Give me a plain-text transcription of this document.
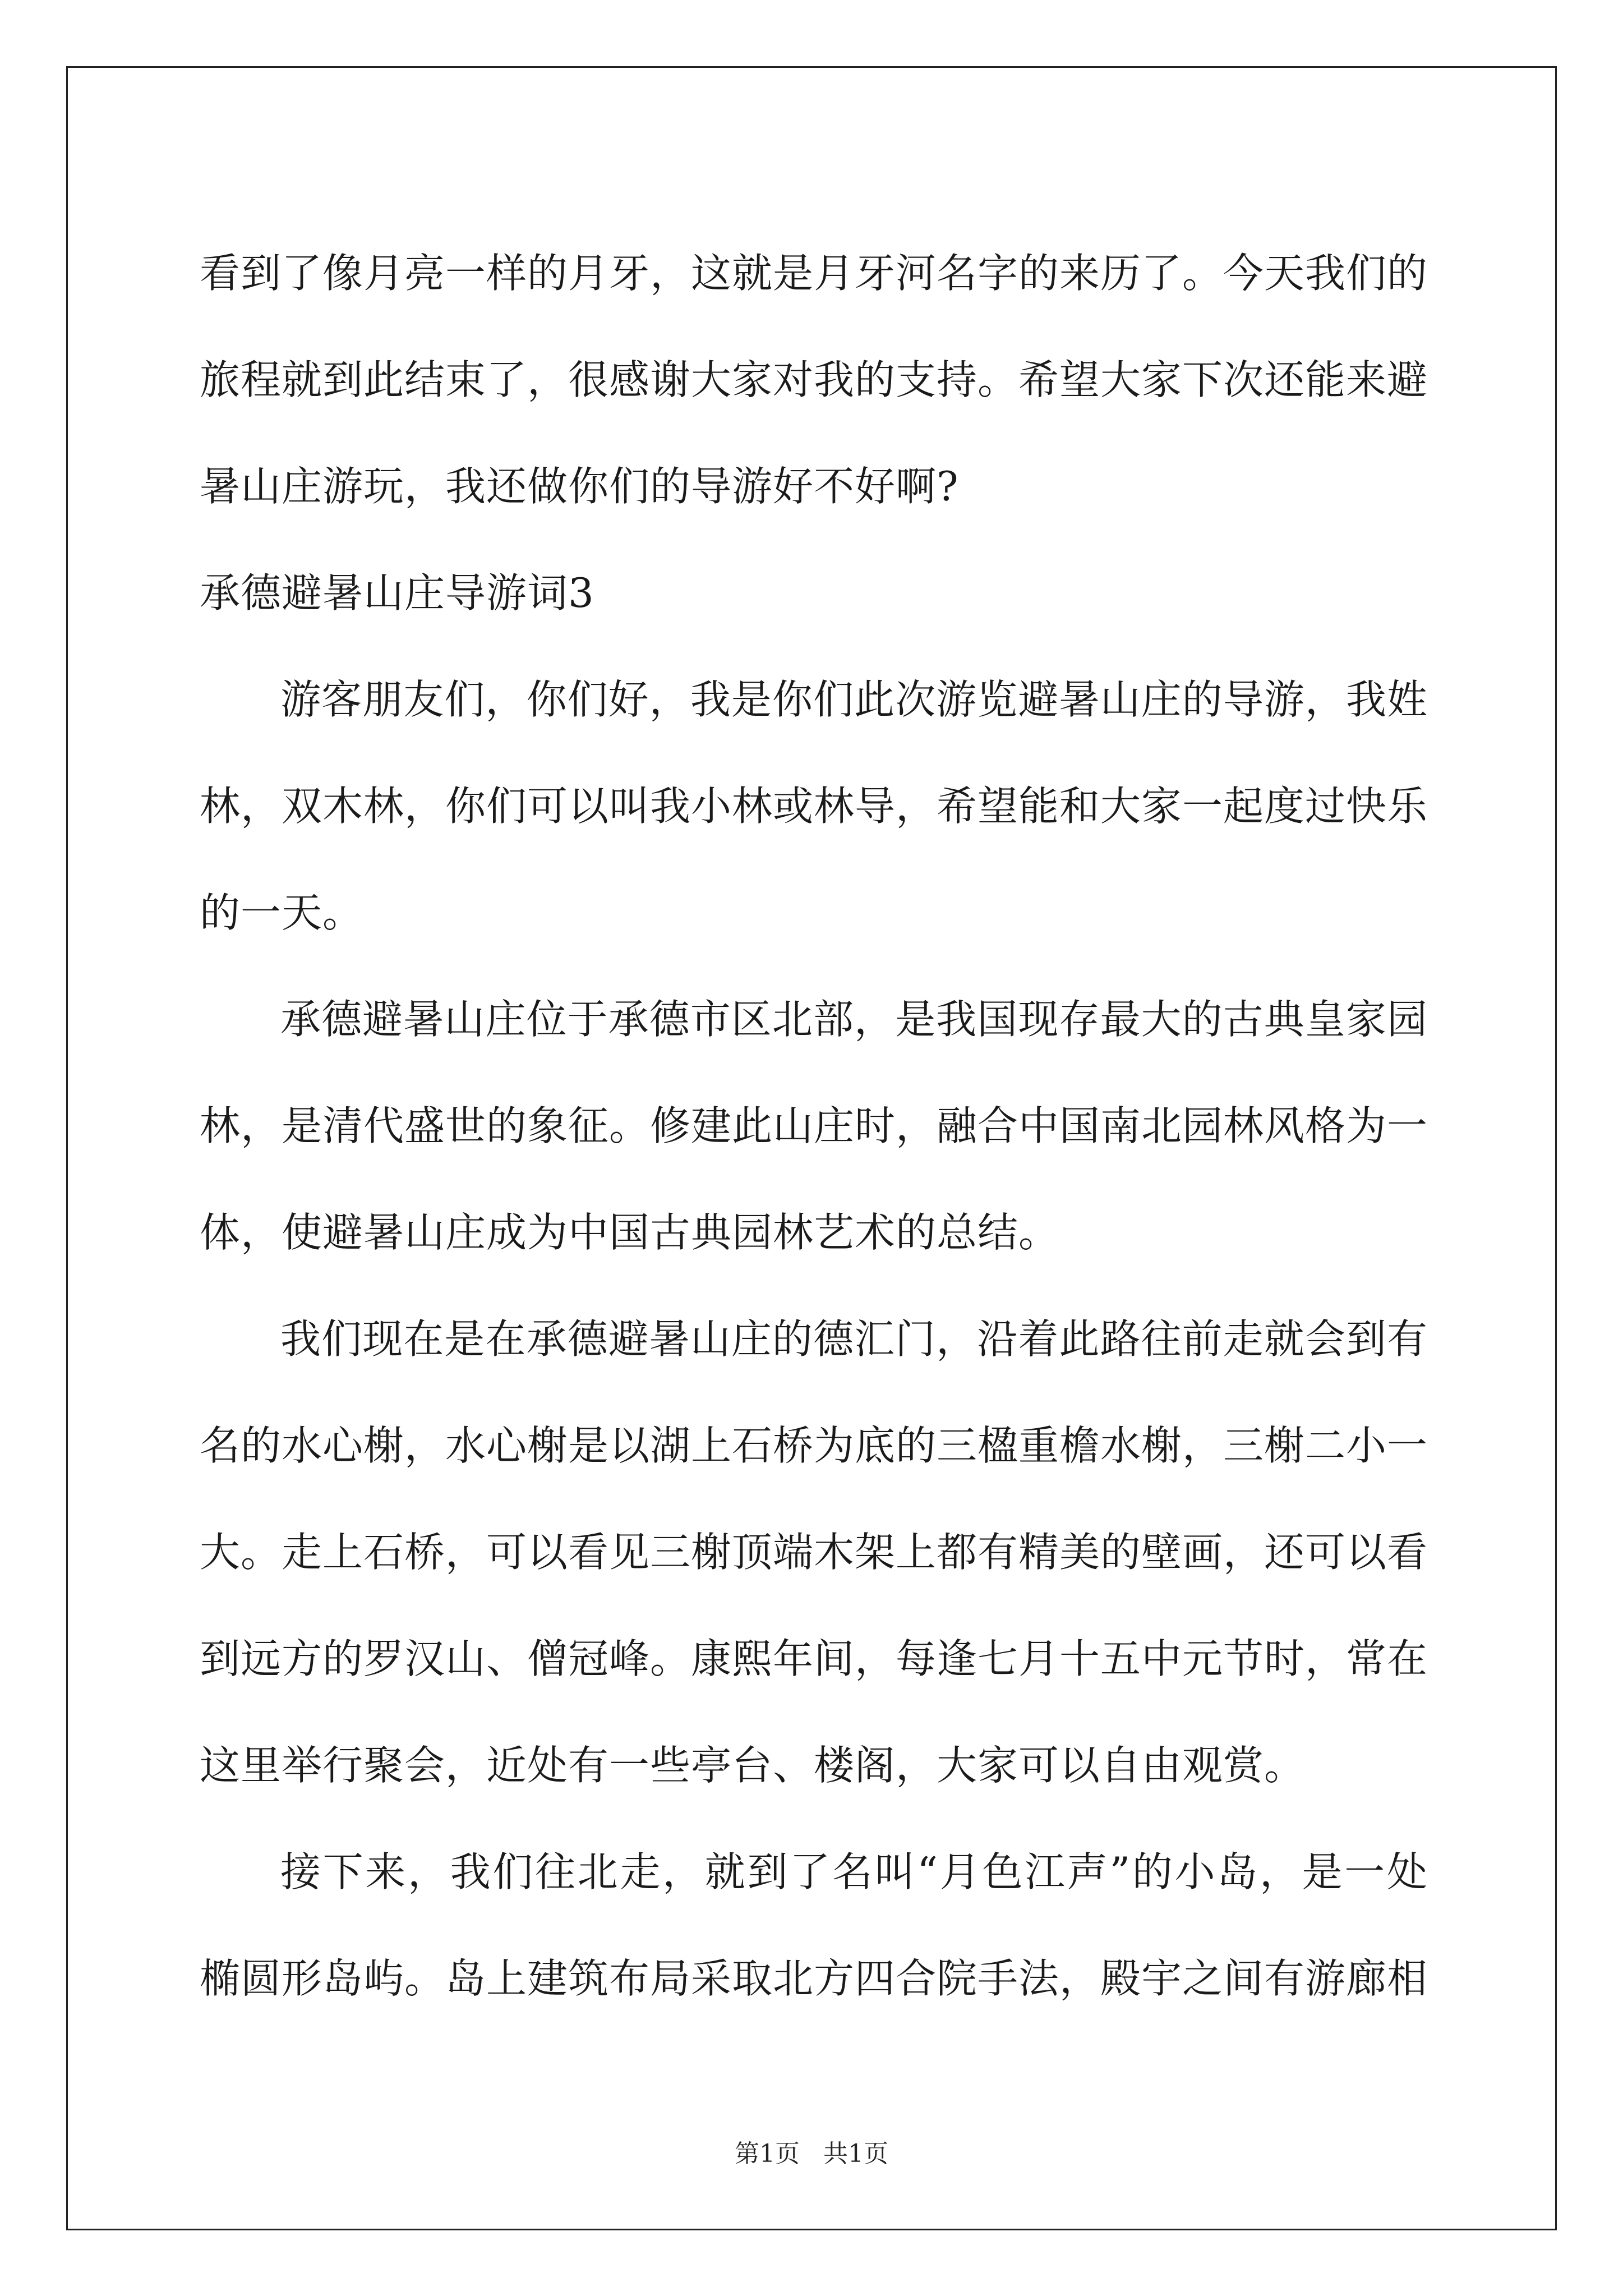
看到了像月亮一样的月牙，这就是月牙河名字的来历了。今天我们的旅程就到此结束了，很感谢大家对我的支持。希望大家下次还能来避暑山庄游玩，我还做你们的导游好不好啊?

承德避暑山庄导游词3

游客朋友们，你们好，我是你们此次游览避暑山庄的导游，我姓林，双木林，你们可以叫我小林或林导，希望能和大家一起度过快乐的一天。

承德避暑山庄位于承德市区北部，是我国现存最大的古典皇家园林，是清代盛世的象征。修建此山庄时，融合中国南北园林风格为一体，使避暑山庄成为中国古典园林艺术的总结。

我们现在是在承德避暑山庄的德汇门，沿着此路往前走就会到有名的水心榭，水心榭是以湖上石桥为底的三楹重檐水榭，三榭二小一大。走上石桥，可以看见三榭顶端木架上都有精美的壁画，还可以看到远方的罗汉山、僧冠峰。康熙年间，每逢七月十五中元节时，常在这里举行聚会，近处有一些亭台、楼阁，大家可以自由观赏。

接下来，我们往北走，就到了名叫“月色江声”的小岛，是一处椭圆形岛屿。岛上建筑布局采取北方四合院手法，殿宇之间有游廊相

第1页 共1页
